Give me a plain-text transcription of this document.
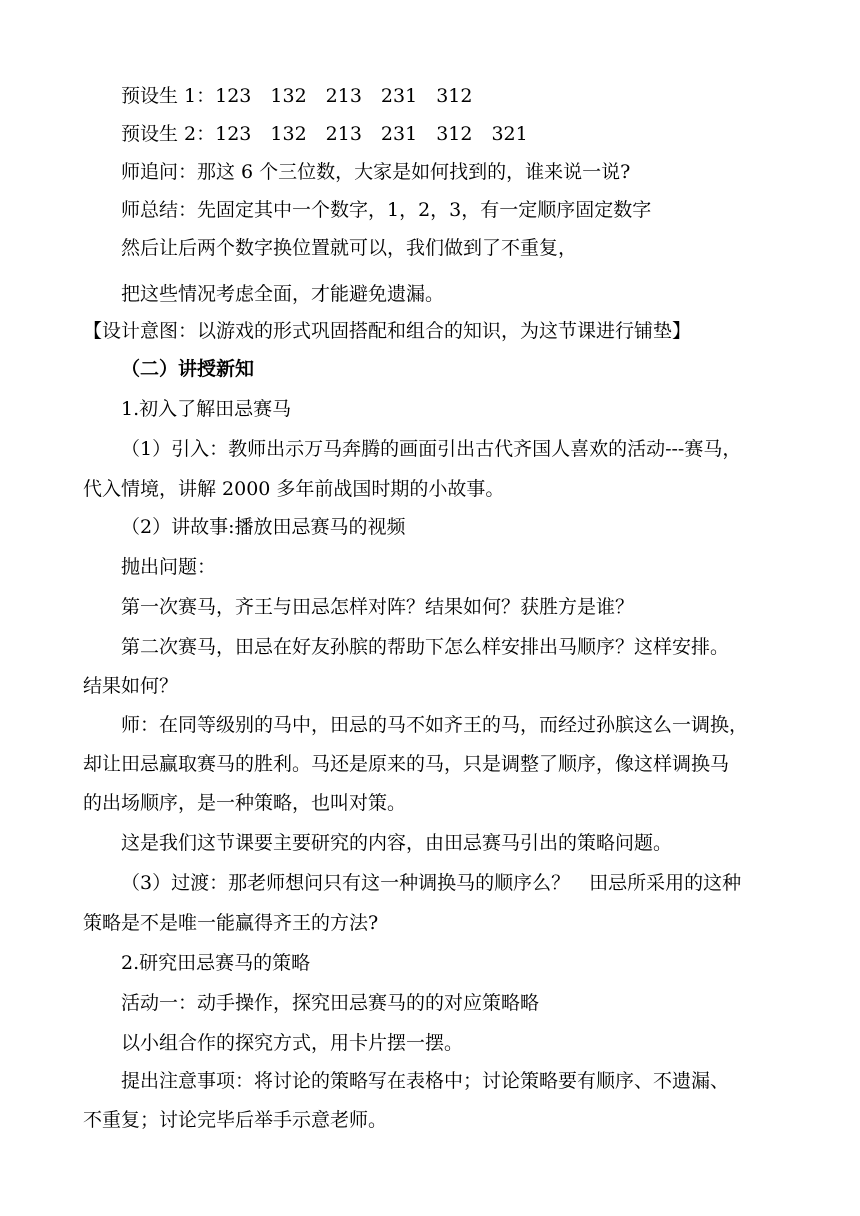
预设生 1：123　132　213　231　312
预设生 2：123　132　213　231　312　321
师追问：那这 6 个三位数，大家是如何找到的，谁来说一说?
师总结：先固定其中一个数字，1，2，3，有一定顺序固定数字
然后让后两个数字换位置就可以，我们做到了不重复，
把这些情况考虑全面，才能避免遗漏。
【设计意图：以游戏的形式巩固搭配和组合的知识，为这节课进行铺垫】
（二）讲授新知
1.初入了解田忌赛马
（1）引入：教师出示万马奔腾的画面引出古代齐国人喜欢的活动---赛马，
代入情境，讲解 2000 多年前战国时期的小故事。
（2）讲故事:播放田忌赛马的视频
抛出问题：
第一次赛马，齐王与田忌怎样对阵？结果如何？获胜方是谁？
第二次赛马，田忌在好友孙膑的帮助下怎么样安排出马顺序？这样安排。
结果如何？
师：在同等级别的马中，田忌的马不如齐王的马，而经过孙膑这么一调换，
却让田忌赢取赛马的胜利。马还是原来的马，只是调整了顺序，像这样调换马
的出场顺序，是一种策略，也叫对策。
这是我们这节课要主要研究的内容，由田忌赛马引出的策略问题。
（3）过渡：那老师想问只有这一种调换马的顺序么？　田忌所采用的这种
策略是不是唯一能赢得齐王的方法?
2.研究田忌赛马的策略
活动一：动手操作，探究田忌赛马的的对应策略略
以小组合作的探究方式，用卡片摆一摆。
提出注意事项：将讨论的策略写在表格中；讨论策略要有顺序、不遗漏、
不重复；讨论完毕后举手示意老师。
